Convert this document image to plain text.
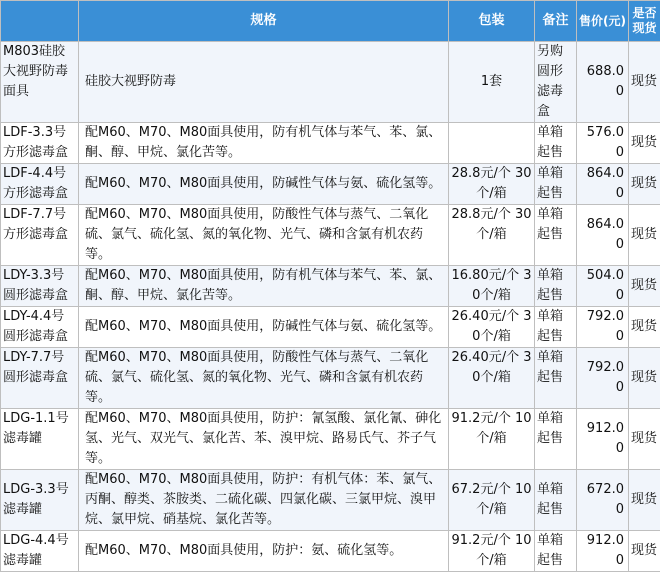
	规格	包装	备注	售价(元)	是否现货
M803硅胶大视野防毒面具	硅胶大视野防毒	1套	另购圆形滤毒盒	688.00	现货
LDF-3.3号方形滤毒盒	配M60、M70、M80面具使用，防有机气体与苯气、苯、氯、酮、醇、甲烷、氯化苦等。		单箱起售	576.00	现货
LDF-4.4号方形滤毒盒	配M60、M70、M80面具使用，防碱性气体与氨、硫化氢等。	28.8元/个 30个/箱	单箱起售	864.00	现货
LDF-7.7号方形滤毒盒	配M60、M70、M80面具使用，防酸性气体与蒸气、二氧化硫、氯气、硫化氢、氮的氧化物、光气、磷和含氯有机农药等。	28.8元/个 30个/箱	单箱起售	864.00	现货
LDY-3.3号圆形滤毒盒	配M60、M70、M80面具使用，防有机气体与苯气、苯、氯、酮、醇、甲烷、氯化苦等。	16.80元/个 30个/箱	单箱起售	504.00	现货
LDY-4.4号圆形滤毒盒	配M60、M70、M80面具使用，防碱性气体与氨、硫化氢等。	26.40元/个 30个/箱	单箱起售	792.00	现货
LDY-7.7号圆形滤毒盒	配M60、M70、M80面具使用，防酸性气体与蒸气、二氧化硫、氯气、硫化氢、氮的氧化物、光气、磷和含氯有机农药等。	26.40元/个 30个/箱	单箱起售	792.00	现货
LDG-1.1号滤毒罐	配M60、M70、M80面具使用，防护：氰氢酸、氯化氰、砷化氢、光气、双光气、氯化苦、苯、溴甲烷、路易氏气、芥子气等。	91.2元/个 10个/箱	单箱起售	912.00	现货
LDG-3.3号滤毒罐	配M60、M70、M80面具使用，防护：有机气体：苯、氯气、丙酮、醇类、茶胺类、二硫化碳、四氯化碳、三氯甲烷、溴甲烷、氯甲烷、硝基烷、氯化苦等。	67.2元/个 10个/箱	单箱起售	672.00	现货
LDG-4.4号滤毒罐	配M60、M70、M80面具使用，防护：氨、硫化氢等。	91.2元/个 10个/箱	单箱起售	912.00	现货
